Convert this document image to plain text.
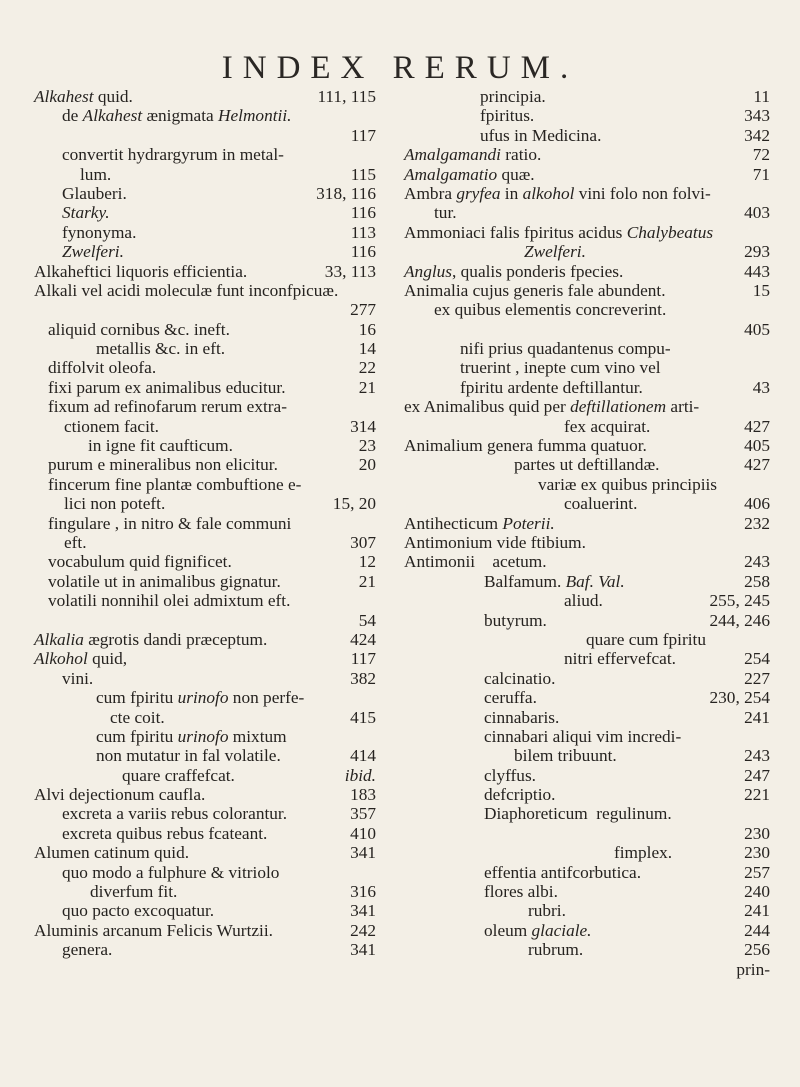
INDEX RERUM.
Alkahest quid.	111, 115
de Alkahest ænigmata Helmontii.
117
convertit hydrargyrum in metal-
lum.	115
Glauberi.	318, 116
Starky.	116
fynonyma.	113
Zwelferi.	116
Alkaheftici liquoris efficientia.	33, 113
Alkali vel acidi moleculæ funt inconfpicuæ.
277
aliquid cornibus &c. ineft.	16
metallis &c. in eft.	14
diffolvit oleofa.	22
fixi parum ex animalibus educitur.	21
fixum ad refinofarum rerum extra-
ctionem facit.	314
in igne fit caufticum.	23
purum e mineralibus non elicitur.	20
fincerum fine plantæ combuftione e-
lici non poteft.	15, 20
fingulare , in nitro & fale communi
eft.	307
vocabulum quid fignificet.	12
volatile ut in animalibus gignatur.	21
volatili nonnihil olei admixtum eft.
54
Alkalia ægrotis dandi præceptum.	424
Alkohol quid,	117
vini.	382
cum fpiritu urinofo non perfe-
cte coit.	415
cum fpiritu urinofo mixtum
non mutatur in fal volatile.	414
quare craffefcat.	ibid.
Alvi dejectionum caufla.	183
excreta a variis rebus colorantur.	357
excreta quibus rebus fcateant.	410
Alumen catinum quid.	341
quo modo a fulphure & vitriolo
diverfum fit.	316
quo pacto excoquatur.	341
Aluminis arcanum Felicis Wurtzii.	242
genera.	341
principia.	11
fpiritus.	343
ufus in Medicina.	342
Amalgamandi ratio.	72
Amalgamatio quæ.	71
Ambra gryfea in alkohol vini folo non folvi-
tur.	403
Ammoniaci falis fpiritus acidus Chalybeatus
Zwelferi.	293
Anglus, qualis ponderis fpecies.	443
Animalia cujus generis fale abundent.	15
ex quibus elementis concreverint.
405
nifi prius quadantenus compu-
truerint , inepte cum vino vel
fpiritu ardente deftillantur.	43
ex Animalibus quid per deftillationem arti-
fex acquirat.	427
Animalium genera fumma quatuor.	405
partes ut deftillandæ.	427
variæ ex quibus principiis
coaluerint.	406
Antihecticum Poterii.	232
Antimonium vide ftibium.
Antimonii    acetum.	243
Balfamum. Baf. Val.	258
aliud.	255, 245
butyrum.	244, 246
quare cum fpiritu
nitri effervefcat.	254
calcinatio.	227
ceruffa.	230, 254
cinnabaris.	241
cinnabari aliqui vim incredi-
bilem tribuunt.	243
clyffus.	247
defcriptio.	221
Diaphoreticum  regulinum.
230
fimplex.	230
effentia antifcorbutica.	257
flores albi.	240
rubri.	241
oleum glaciale.	244
rubrum.	256
prin-
